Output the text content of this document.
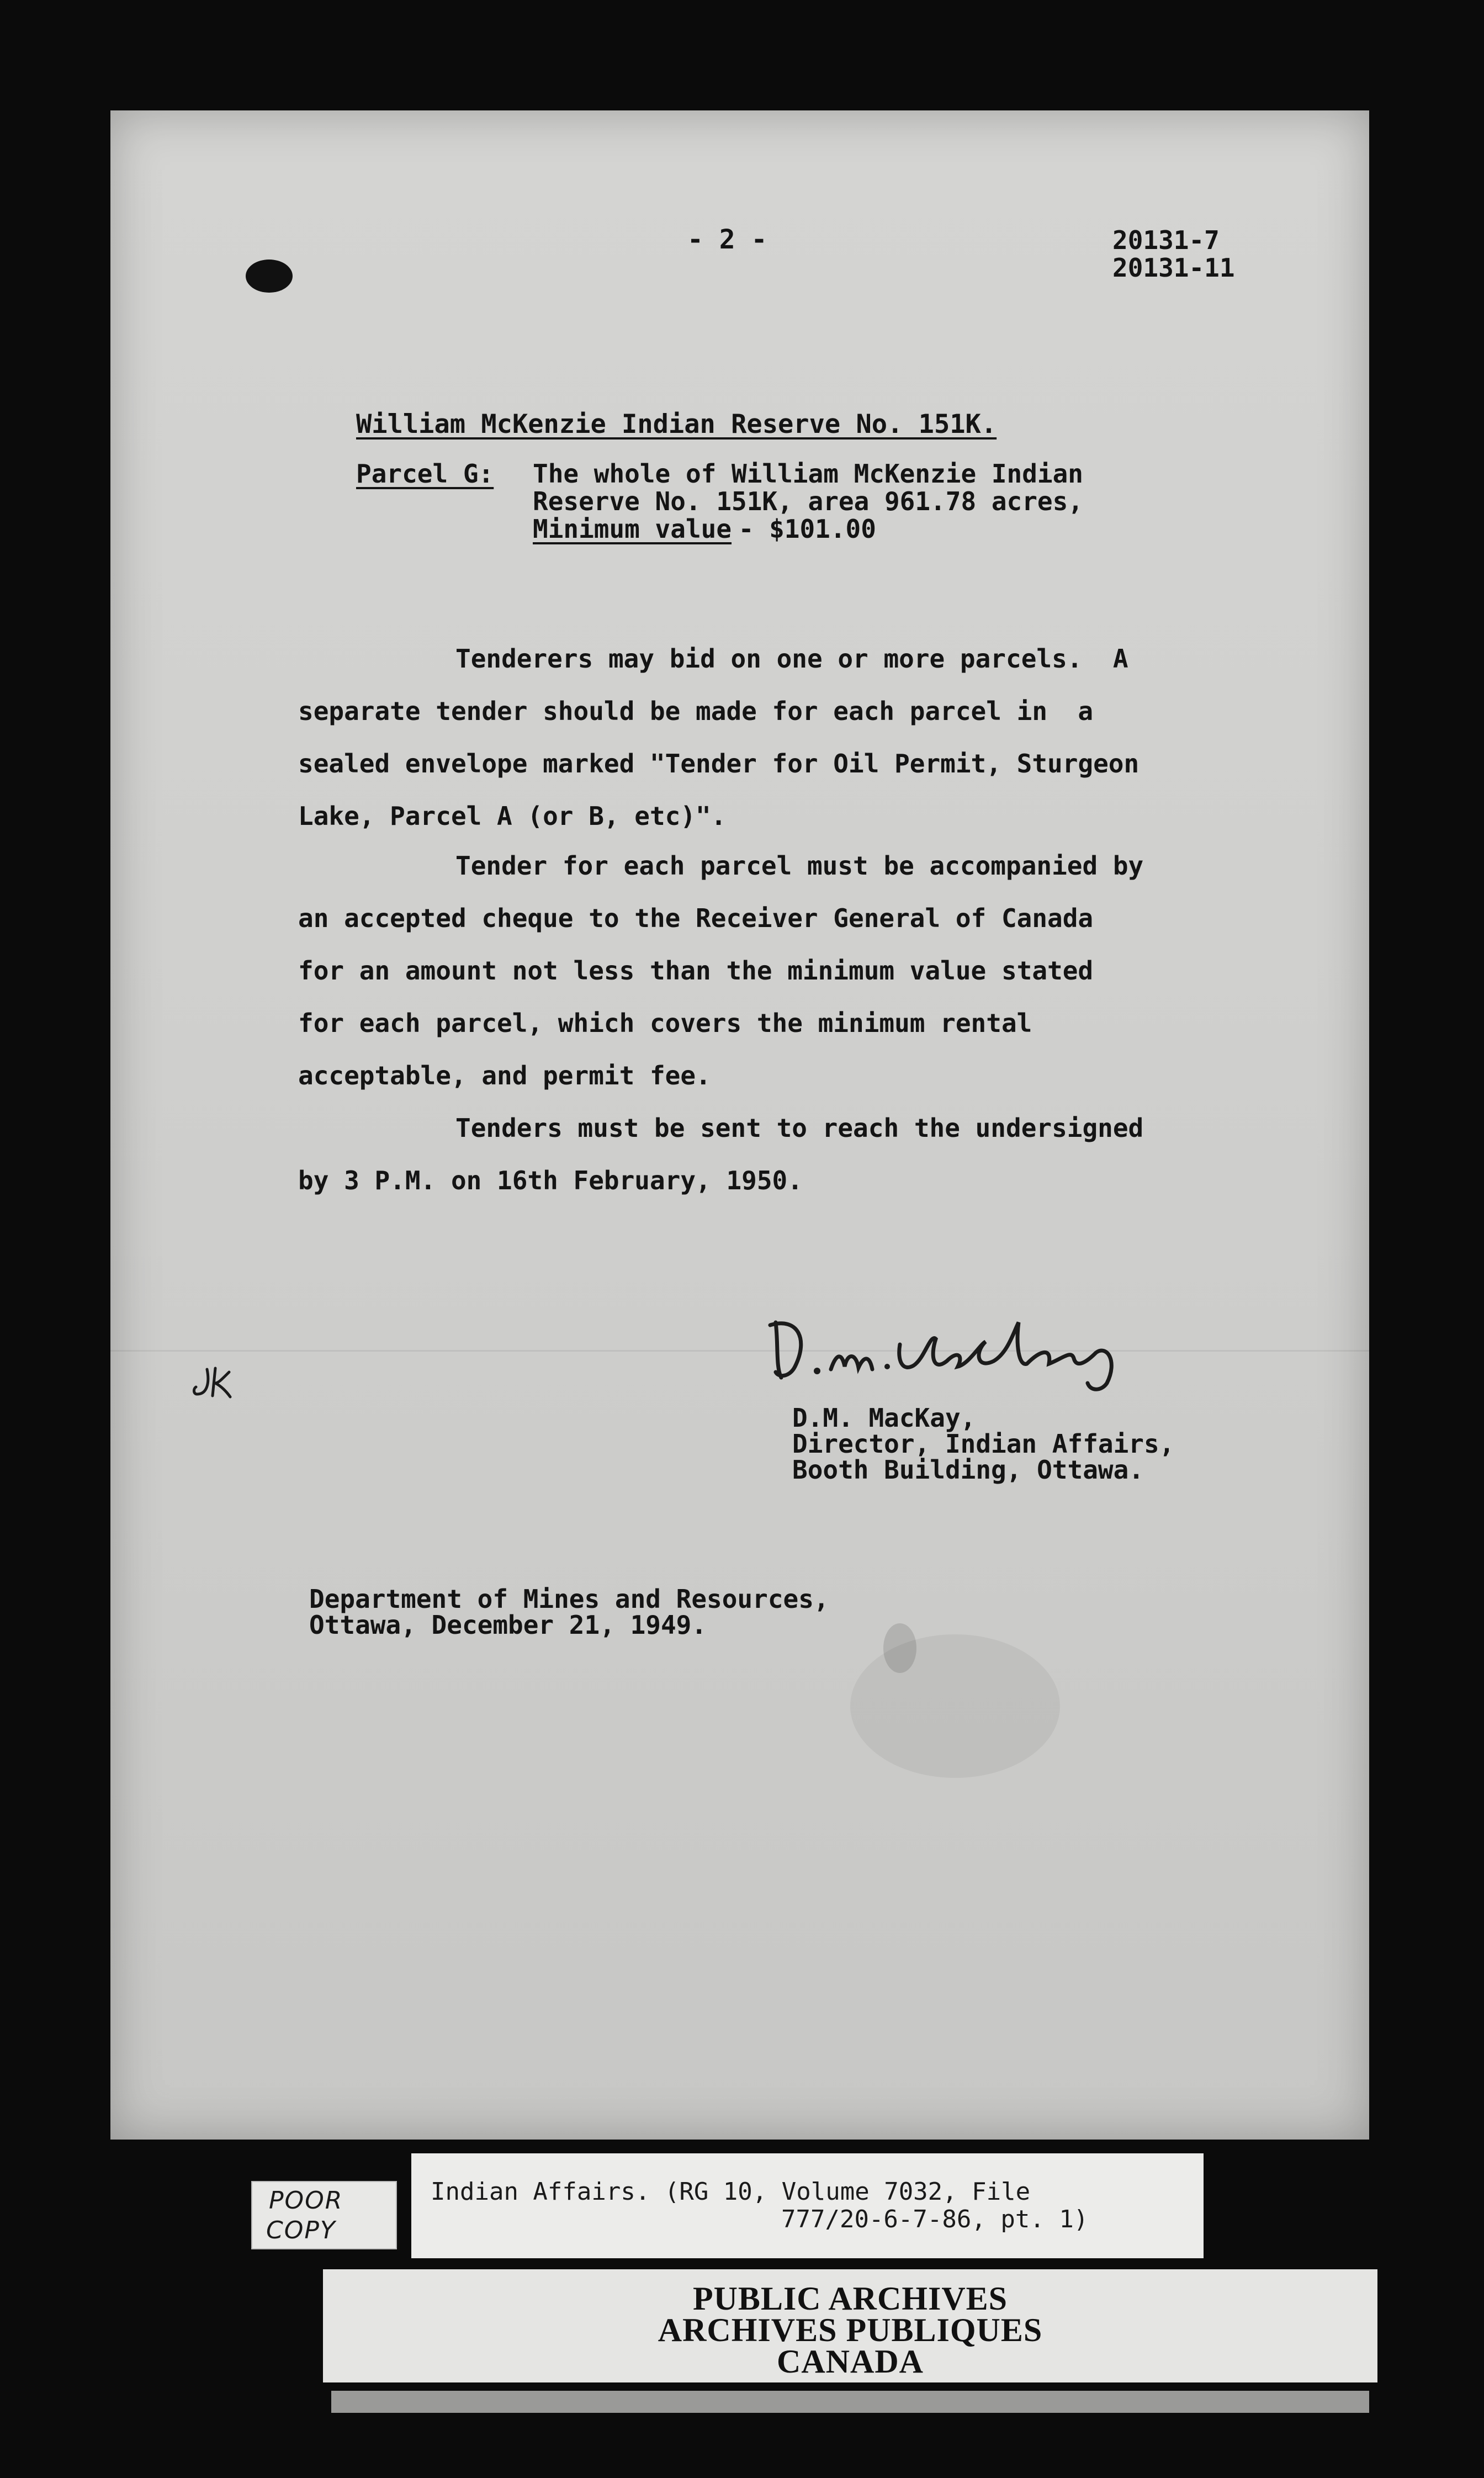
- 2 -	20131-7
20131-11
William McKenzie Indian Reserve No. 151K.
Parcel G: The whole of William McKenzie Indian
Reserve No. 151K, area 961.78 acres,
Minimum value
- $101.00
Tenderers may bid on one or more parcels.  A
separate tender should be made for each parcel in  a
sealed envelope marked "Tender for Oil Permit, Sturgeon
Lake, Parcel A (or B, etc)".
Tender for each parcel must be accompanied by
an accepted cheque to the Receiver General of Canada
for an amount not less than the minimum value stated
for each parcel, which covers the minimum rental
acceptable, and permit fee.
Tenders must be sent to reach the undersigned
by 3 P.M. on 16th February, 1950.
D.M. MacKay,
Director, Indian Affairs,
Booth Building, Ottawa.
Department of Mines and Resources,
Ottawa, December 21, 1949.
POOR
COPY
Indian Affairs. (RG 10, Volume 7032, File
777/20-6-7-86, pt. 1)
PUBLIC ARCHIVES
ARCHIVES PUBLIQUES
CANADA
